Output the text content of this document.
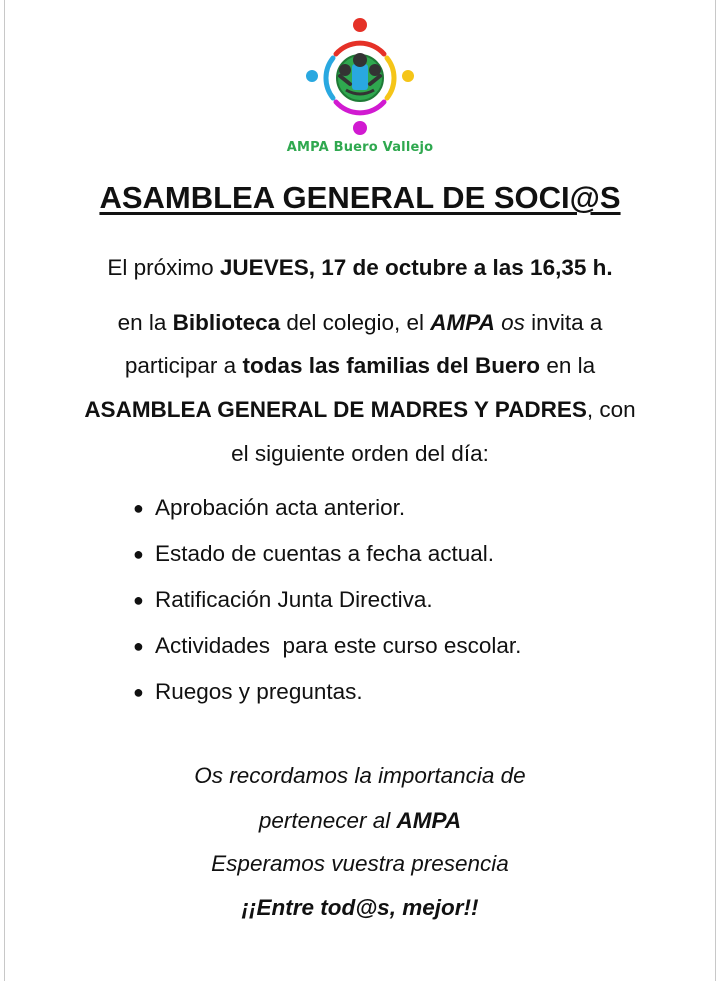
AMPA Buero Vallejo
ASAMBLEA GENERAL DE SOCI@S
El próximo JUEVES, 17 de octubre a las 16,35 h.
en la Biblioteca del colegio, el AMPA os invita a
participar a todas las familias del Buero en la
ASAMBLEA GENERAL DE MADRES Y PADRES, con
el siguiente orden del día:
● Aprobación acta anterior.
● Estado de cuentas a fecha actual.
● Ratificación Junta Directiva.
● Actividades  para este curso escolar.
● Ruegos y preguntas.
Os recordamos la importancia de
pertenecer al AMPA
Esperamos vuestra presencia
¡¡Entre tod@s, mejor!!
